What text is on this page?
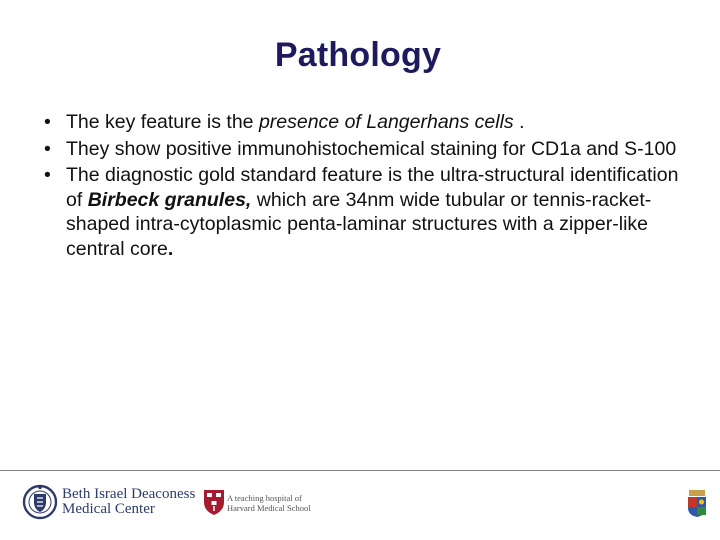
Pathology
• The key feature is the presence of Langerhans cells .
• They show positive immunohistochemical staining for CD1a and S-100
• The diagnostic gold standard feature is the ultra-structural identification of Birbeck granules, which are 34nm wide tubular or tennis-racket-shaped intra-cytoplasmic penta-laminar structures with a zipper-like central core.
Beth Israel Deaconess
Medical Center
A teaching hospital of
Harvard Medical School
